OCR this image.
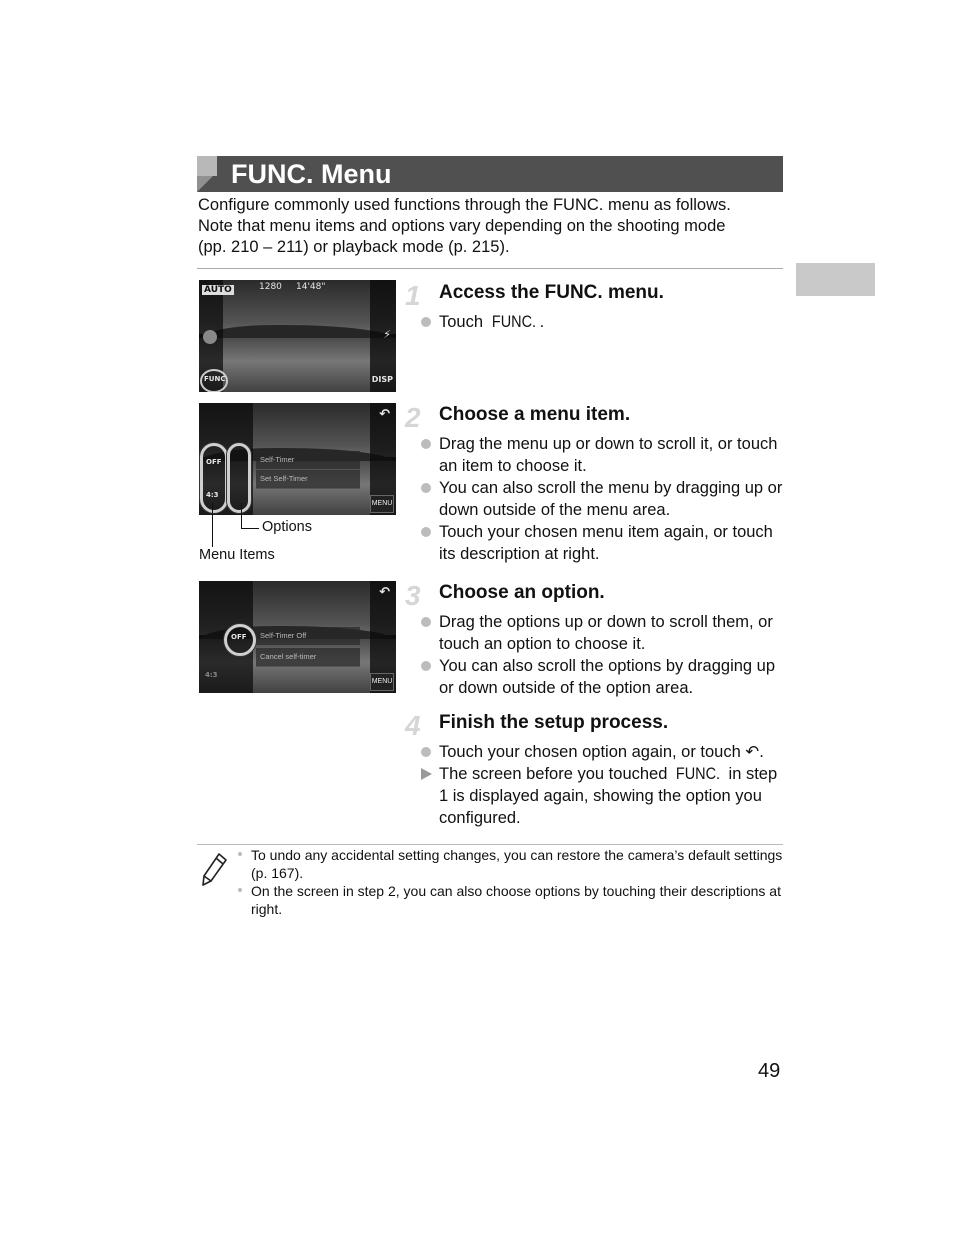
FUNC. Menu
Configure commonly used functions through the FUNC. menu as follows.
Note that menu items and options vary depending on the shooting mode
(pp. 210 – 211) or playback mode (p. 215).
AUTO	1280 14'48"
FUNC
⚡
DISP
Self-Timer
Set Self-Timer
↶
MENU
OFF
4:3
Options
Menu Items
Self-Timer Off
Cancel self-timer
↶
MENU
OFF
4:3
1 Access the FUNC. menu.
Touch FUNC. .
2 Choose a menu item.
Drag the menu up or down to scroll it, or touch an item to choose it.
You can also scroll the menu by dragging up or down outside of the menu area.
Touch your chosen menu item again, or touch its description at right.
3 Choose an option.
Drag the options up or down to scroll them, or touch an option to choose it.
You can also scroll the options by dragging up or down outside of the option area.
4 Finish the setup process.
Touch your chosen option again, or touch ↶.
The screen before you touched FUNC. in step 1 is displayed again, showing the option you configured.
To undo any accidental setting changes, you can restore the camera’s default settings (p. 167).
On the screen in step 2, you can also choose options by touching their descriptions at right.
49
